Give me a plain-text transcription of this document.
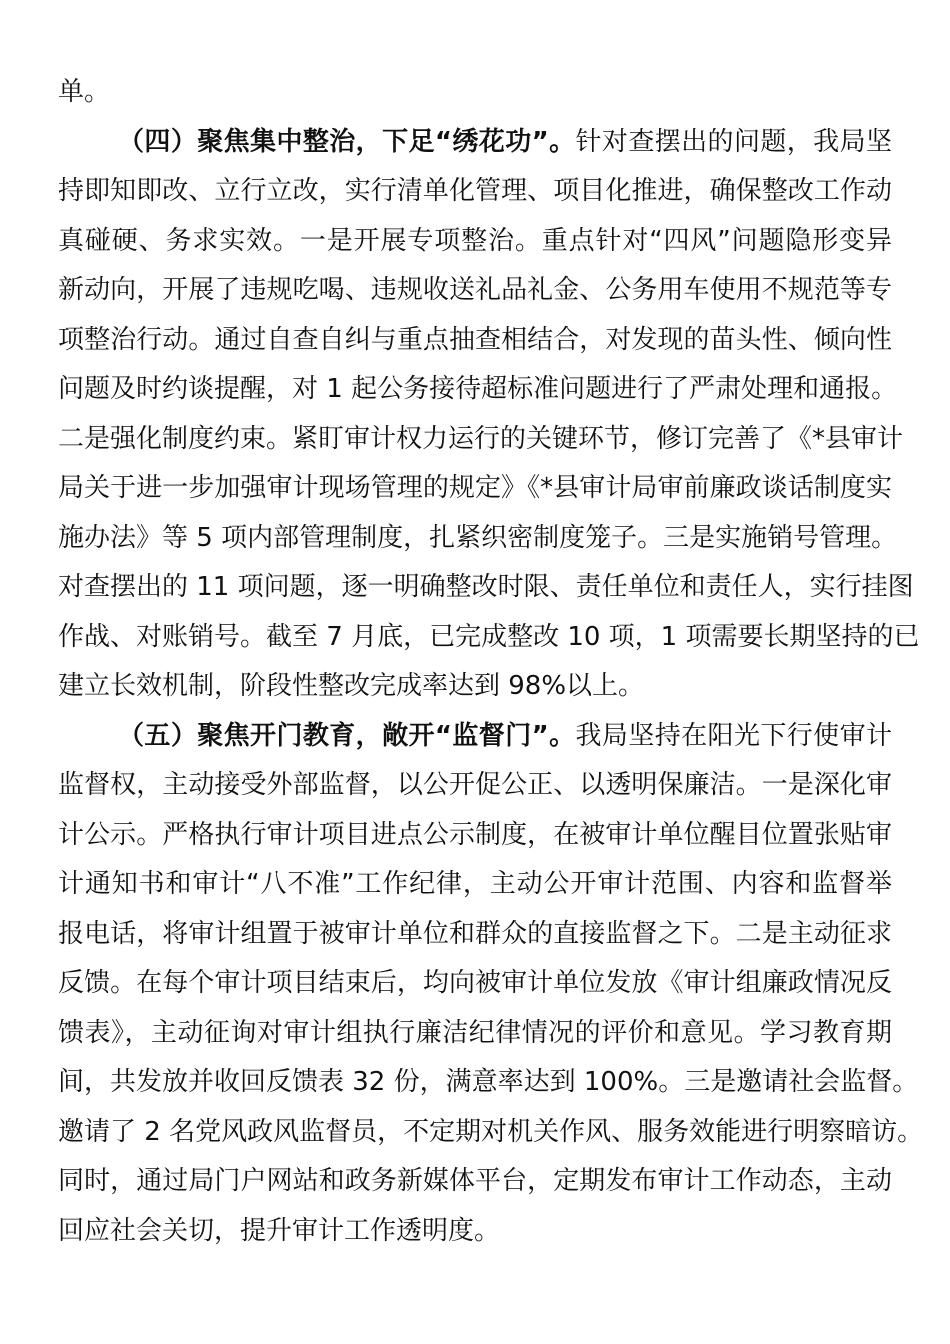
单。
（四）聚焦集中整治，下足“绣花功”。针对查摆出的问题，我局坚
持即知即改、立行立改，实行清单化管理、项目化推进，确保整改工作动
真碰硬、务求实效。一是开展专项整治。重点针对“四风”问题隐形变异
新动向，开展了违规吃喝、违规收送礼品礼金、公务用车使用不规范等专
项整治行动。通过自查自纠与重点抽查相结合，对发现的苗头性、倾向性
问题及时约谈提醒，对 1 起公务接待超标准问题进行了严肃处理和通报。
二是强化制度约束。紧盯审计权力运行的关键环节，修订完善了《*县审计
局关于进一步加强审计现场管理的规定》《*县审计局审前廉政谈话制度实
施办法》等 5 项内部管理制度，扎紧织密制度笼子。三是实施销号管理。
对查摆出的 11 项问题，逐一明确整改时限、责任单位和责任人，实行挂图
作战、对账销号。截至 7 月底，已完成整改 10 项，1 项需要长期坚持的已
建立长效机制，阶段性整改完成率达到 98%以上。
（五）聚焦开门教育，敞开“监督门”。我局坚持在阳光下行使审计
监督权，主动接受外部监督，以公开促公正、以透明保廉洁。一是深化审
计公示。严格执行审计项目进点公示制度，在被审计单位醒目位置张贴审
计通知书和审计“八不准”工作纪律，主动公开审计范围、内容和监督举
报电话，将审计组置于被审计单位和群众的直接监督之下。二是主动征求
反馈。在每个审计项目结束后，均向被审计单位发放《审计组廉政情况反
馈表》，主动征询对审计组执行廉洁纪律情况的评价和意见。学习教育期
间，共发放并收回反馈表 32 份，满意率达到 100%。三是邀请社会监督。
邀请了 2 名党风政风监督员，不定期对机关作风、服务效能进行明察暗访。
同时，通过局门户网站和政务新媒体平台，定期发布审计工作动态，主动
回应社会关切，提升审计工作透明度。
